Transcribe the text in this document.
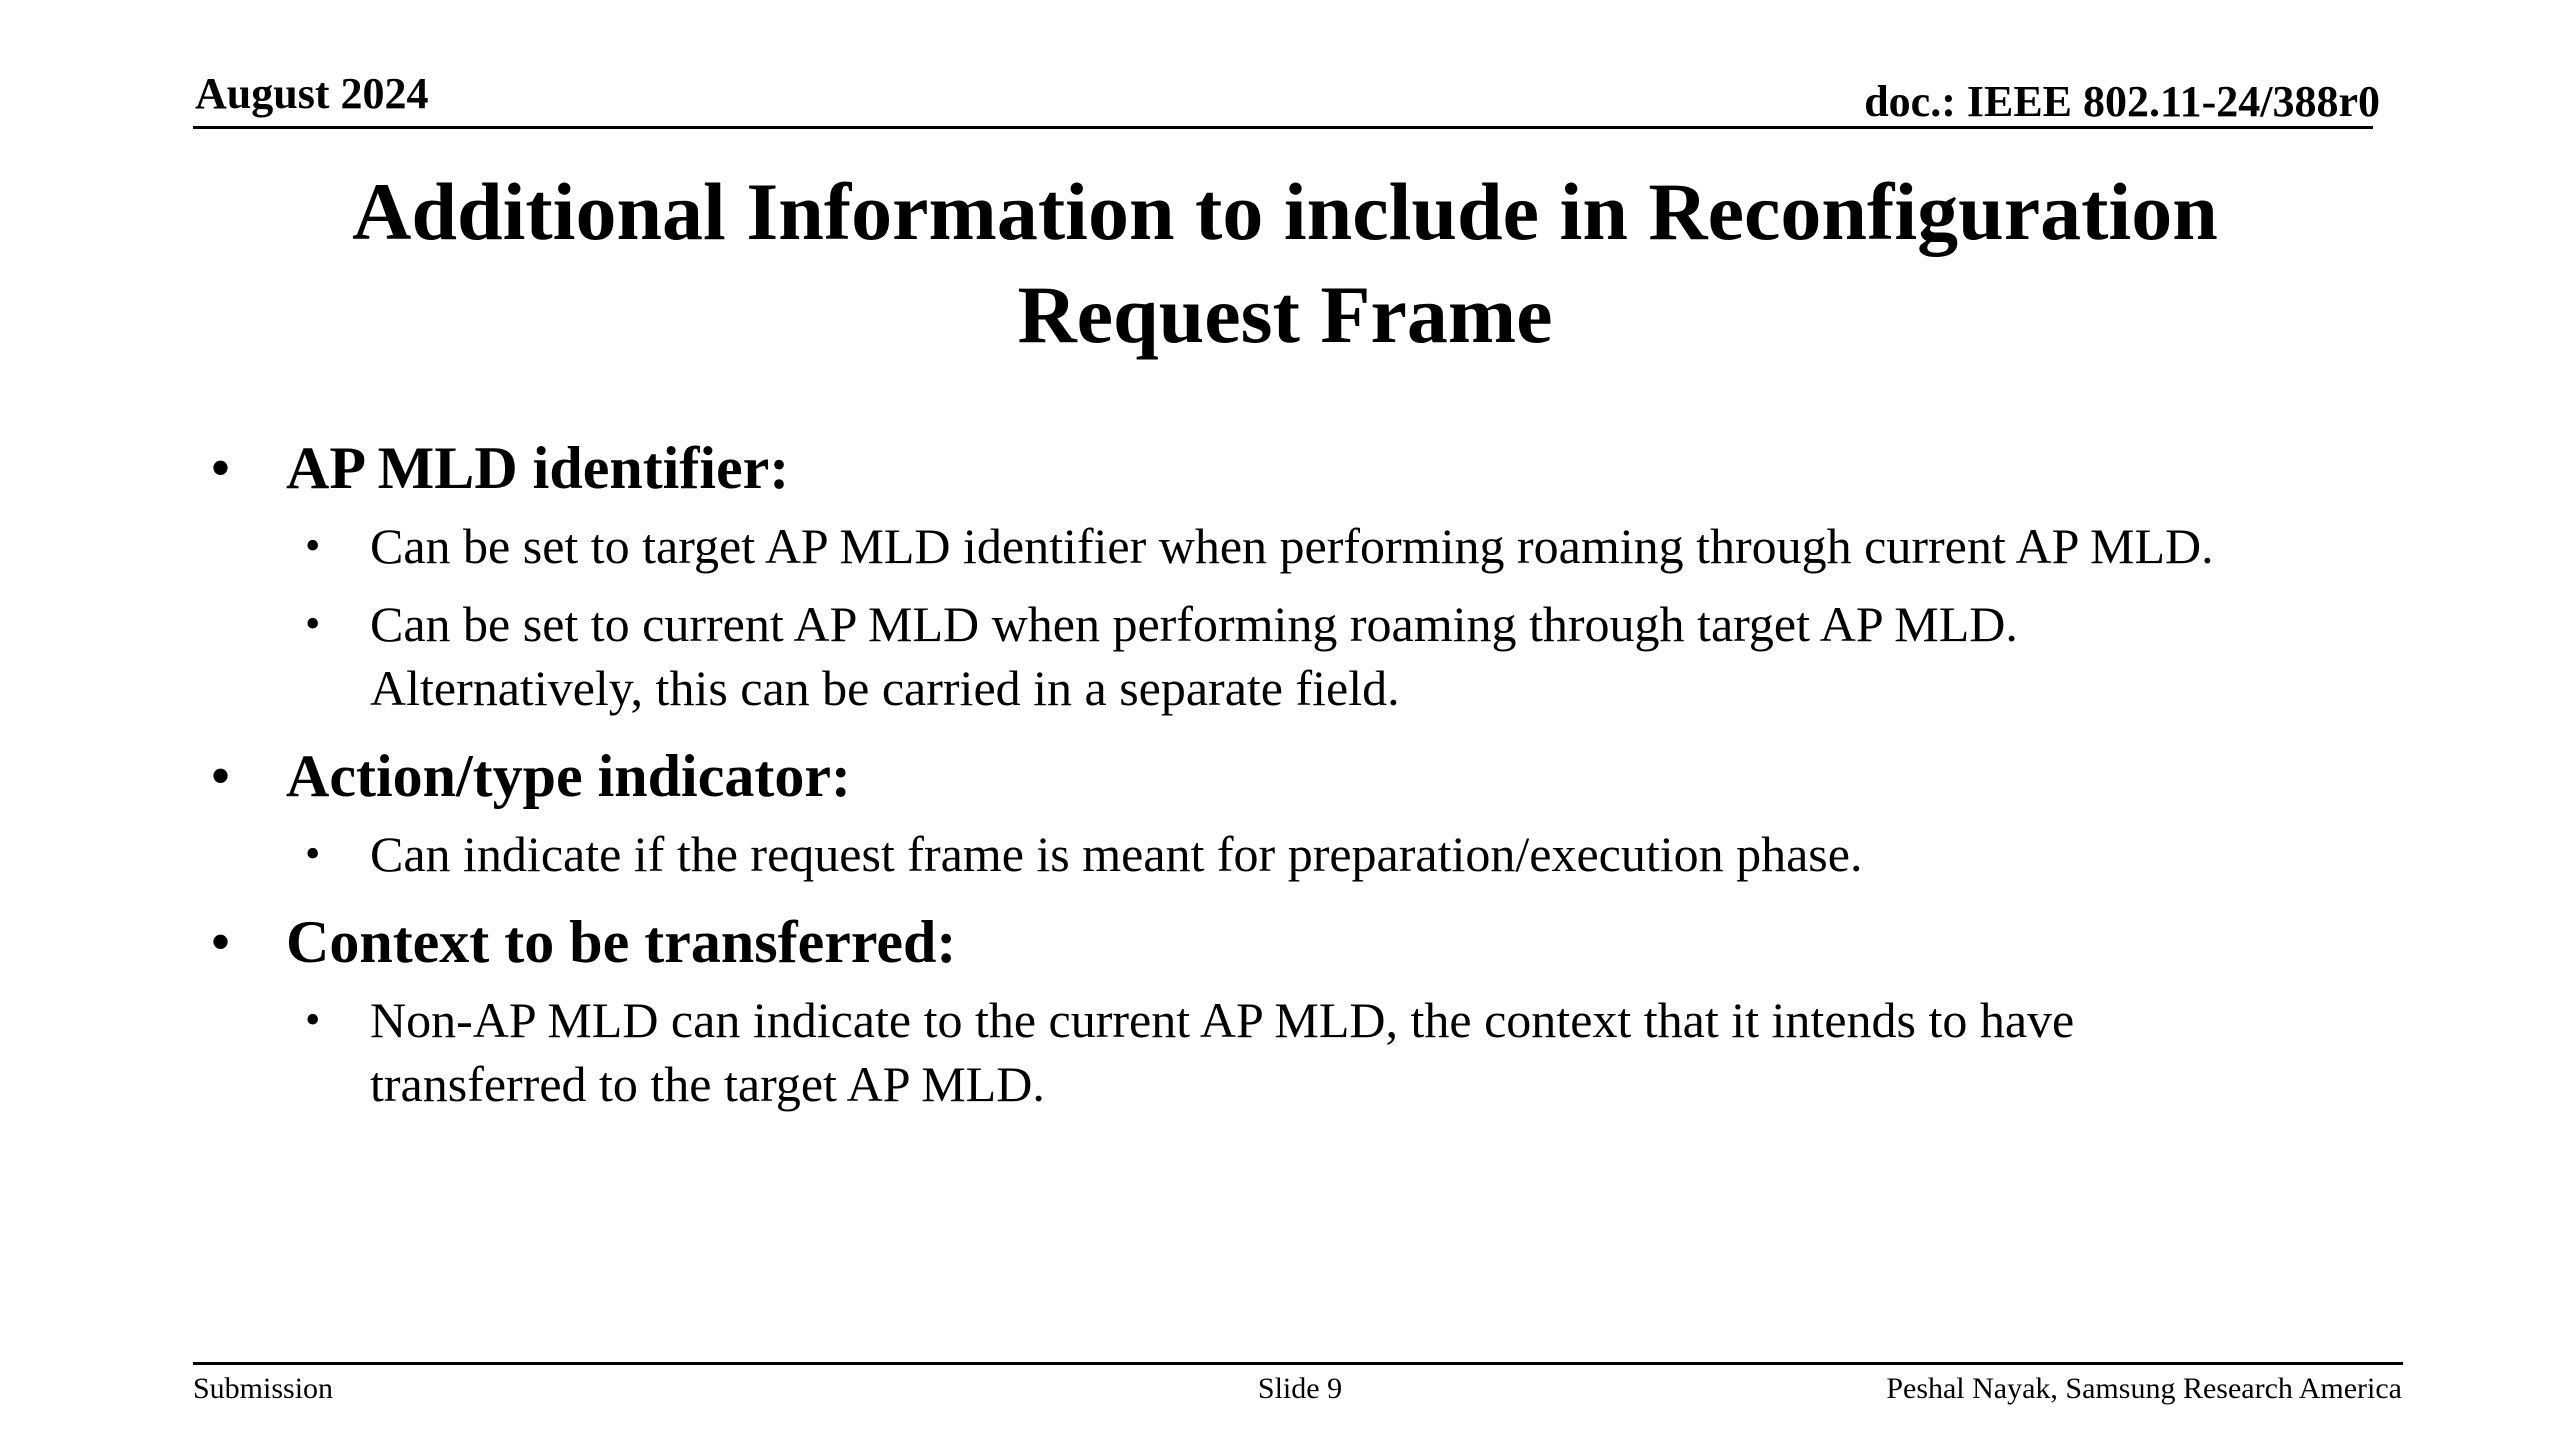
August 2024	doc.: IEEE 802.11-24/388r0
Additional Information to include in Reconfiguration
Request Frame
• AP MLD identifier:
• Can be set to target AP MLD identifier when performing roaming through current AP MLD.
• Can be set to current AP MLD when performing roaming through target AP MLD.
Alternatively, this can be carried in a separate field.
• Action/type indicator:
• Can indicate if the request frame is meant for preparation/execution phase.
• Context to be transferred:
• Non-AP MLD can indicate to the current AP MLD, the context that it intends to have
transferred to the target AP MLD.
Submission	Slide 9	Peshal Nayak, Samsung Research America
